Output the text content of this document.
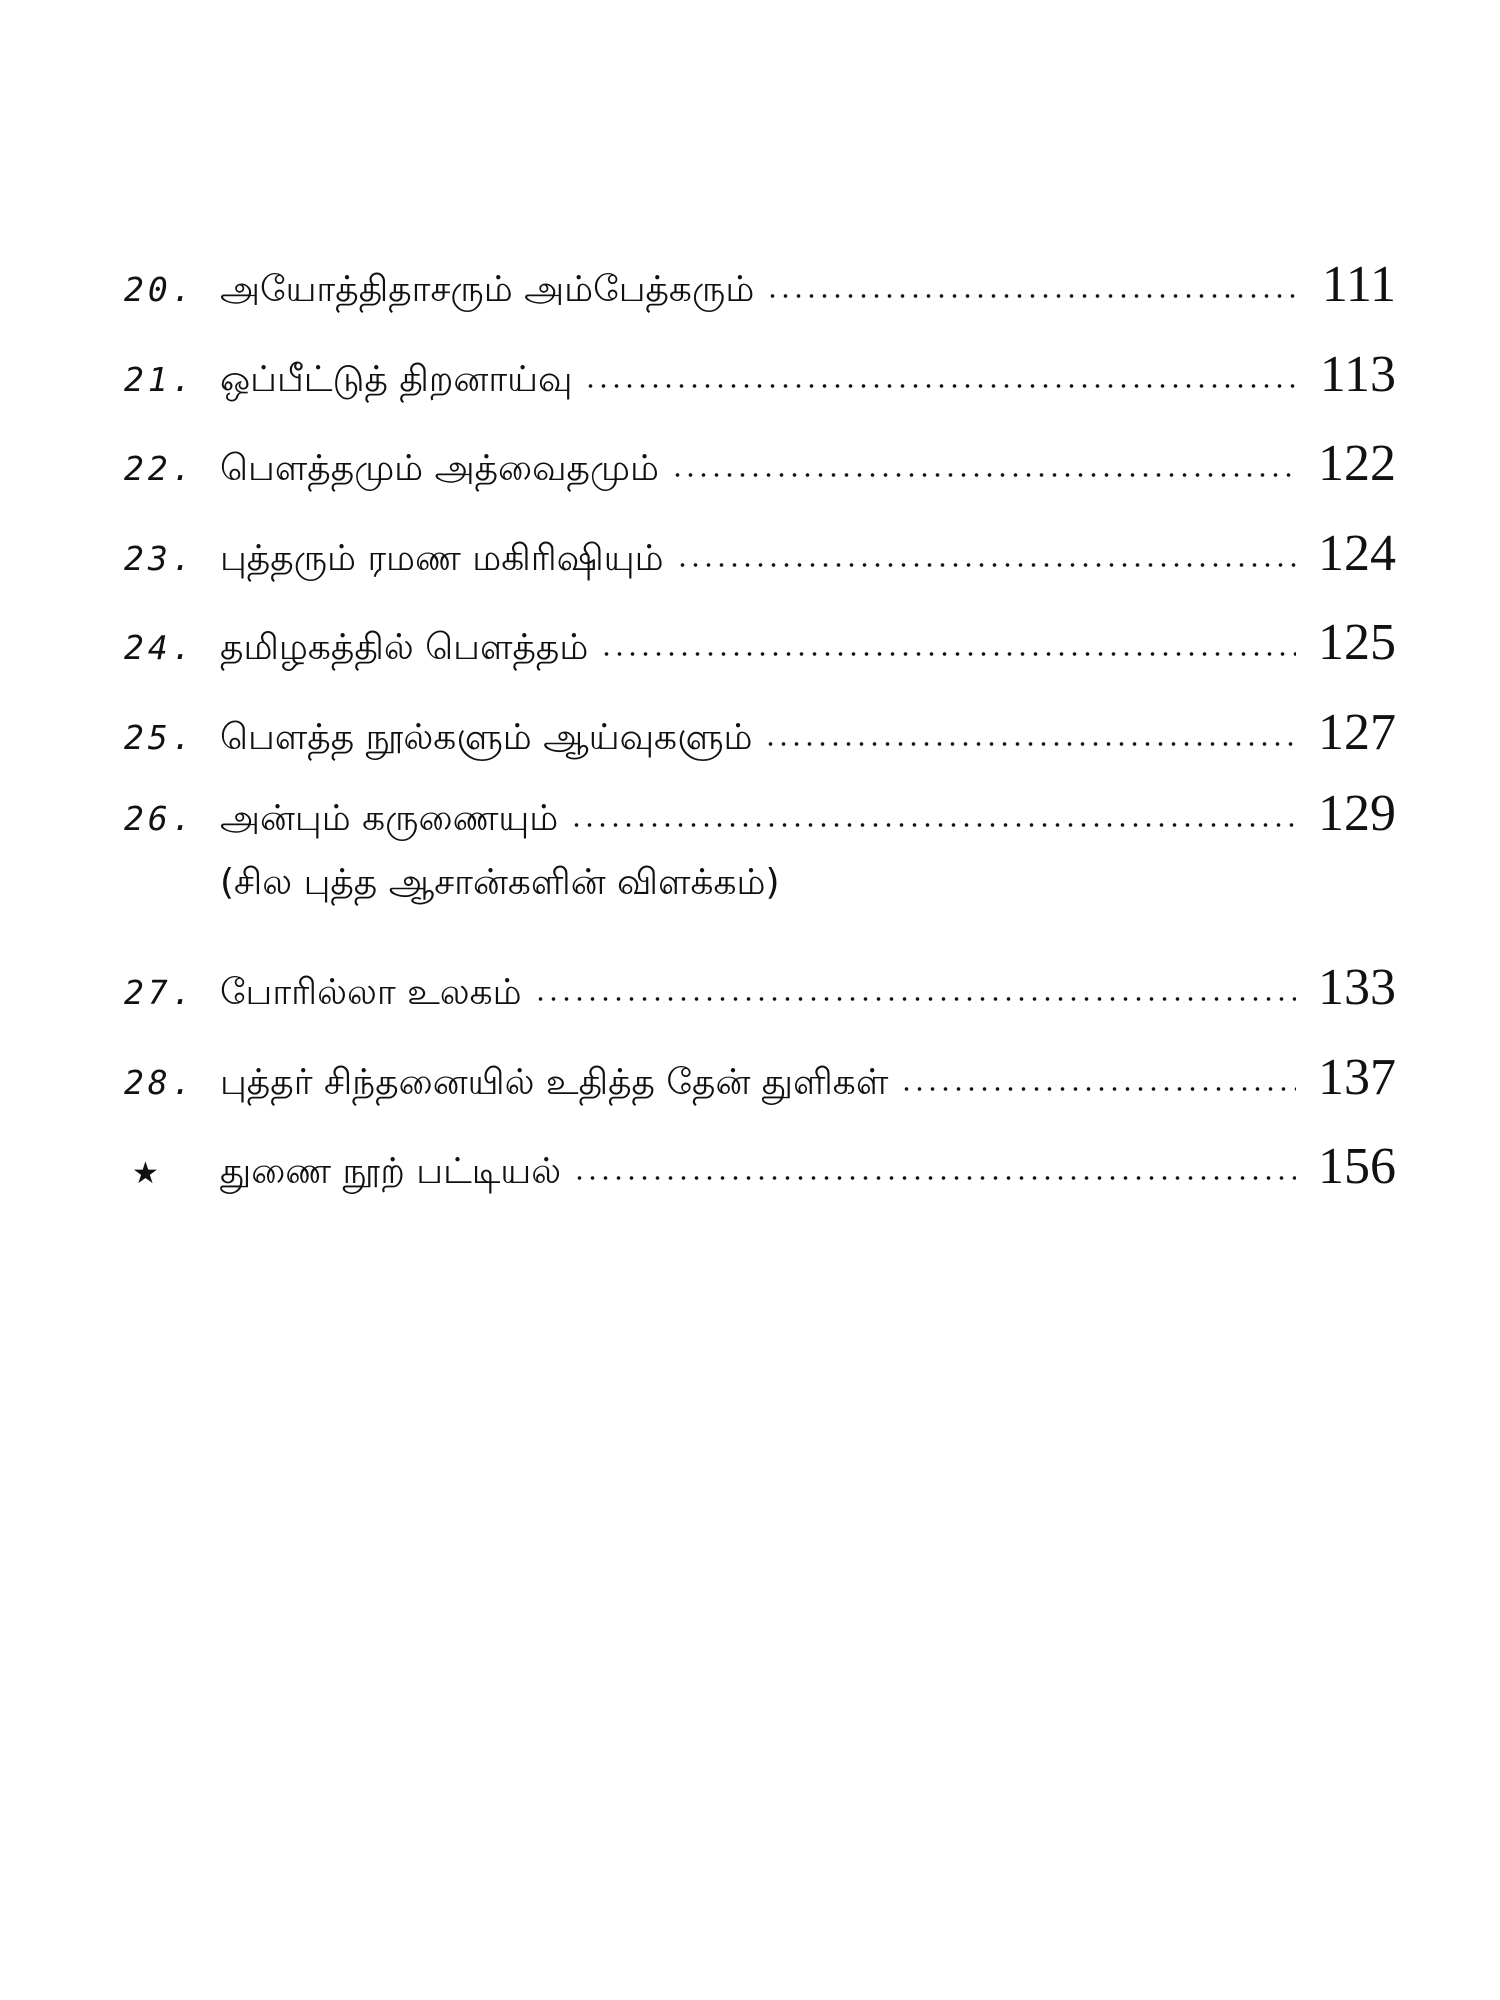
20. அயோத்திதாசரும் அம்பேத்கரும்	111
21. ஒப்பீட்டுத் திறனாய்வு	113
22. பௌத்தமும் அத்வைதமும்	122
23. புத்தரும் ரமண மகிரிஷியும்	124
24. தமிழகத்தில் பௌத்தம்	125
25. பௌத்த நூல்களும் ஆய்வுகளும்	127
26. அன்பும் கருணையும்	129
(சில புத்த ஆசான்களின் விளக்கம்)
27. போரில்லா உலகம்	133
28. புத்தர் சிந்தனையில் உதித்த தேன் துளிகள்	137
★	துணை நூற் பட்டியல்	156
